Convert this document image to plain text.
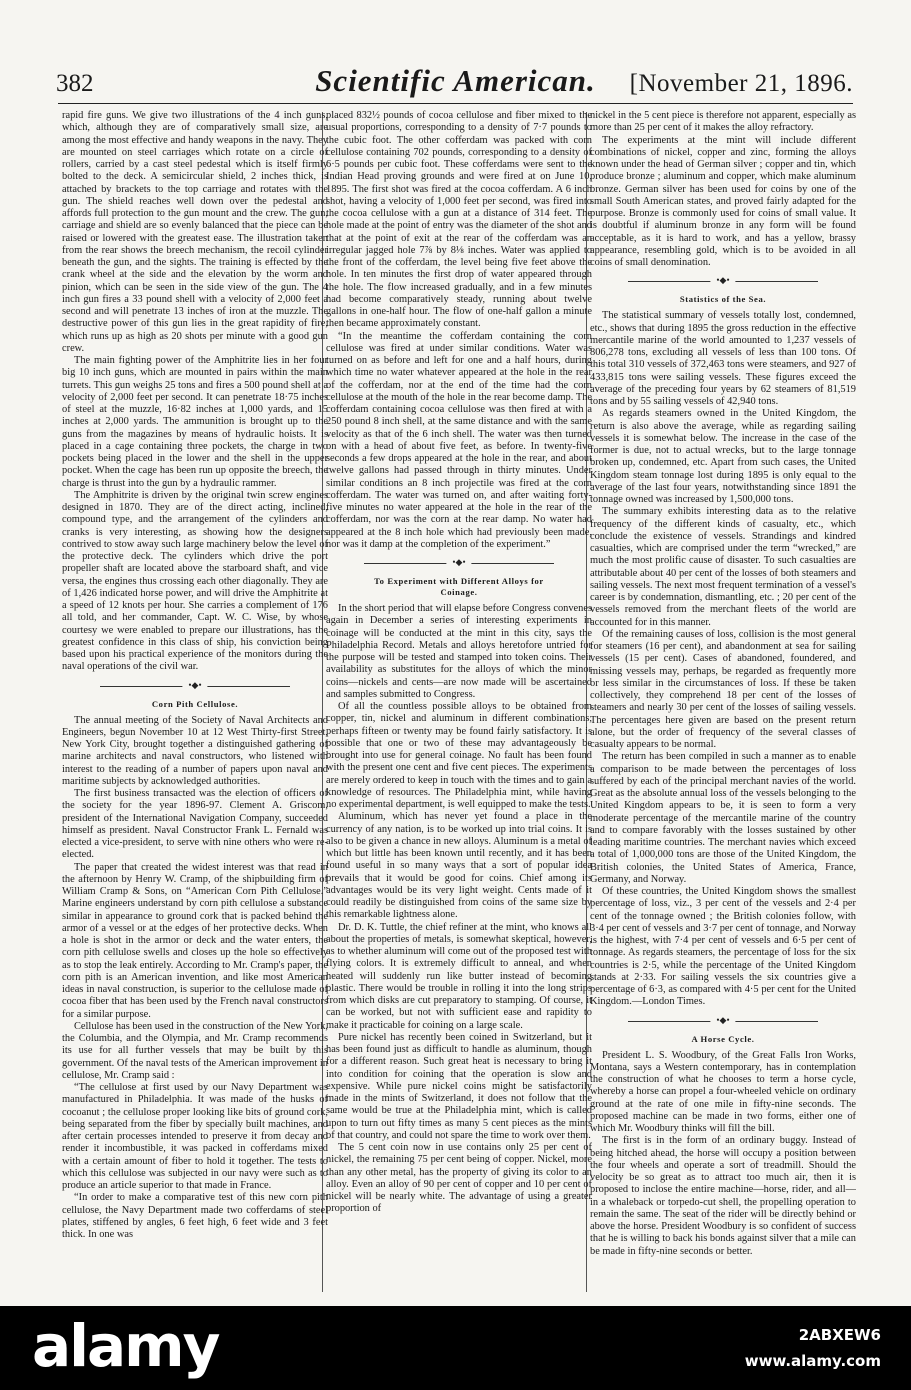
382	Scientific American.	[November 21, 1896.

rapid fire guns. We give two illustrations of the 4 inch guns, which, although they are of comparatively small size, are among the most effective and handy weapons in the navy. They are mounted on steel carriages which rotate on a circle of rollers, carried by a cast steel pedestal which is itself firmly bolted to the deck. A semicircular shield, 2 inches thick, is attached by brackets to the top carriage and rotates with the gun. The shield reaches well down over the pedestal and affords full protection to the gun mount and the crew. The gun, carriage and shield are so evenly balanced that the piece can be raised or lowered with the greatest ease. The illustration taken from the rear shows the breech mechanism, the recoil cylinder beneath the gun, and the sights. The training is effected by the crank wheel at the side and the elevation by the worm and pinion, which can be seen in the side view of the gun. The 4 inch gun fires a 33 pound shell with a velocity of 2,000 feet a second and will penetrate 13 inches of iron at the muzzle. The destructive power of this gun lies in the great rapidity of fire, which runs up as high as 20 shots per minute with a good gun crew.

The main fighting power of the Amphitrite lies in her four big 10 inch guns, which are mounted in pairs within the main turrets. This gun weighs 25 tons and fires a 500 pound shell at a velocity of 2,000 feet per second. It can penetrate 18·75 inches of steel at the muzzle, 16·82 inches at 1,000 yards, and 15 inches at 2,000 yards. The ammunition is brought up to the guns from the magazines by means of hydraulic hoists. It is placed in a cage containing three pockets, the charge in two pockets being placed in the lower and the shell in the upper pocket. When the cage has been run up opposite the breech, the charge is thrust into the gun by a hydraulic rammer.

The Amphitrite is driven by the original twin screw engines designed in 1870. They are of the direct acting, inclined, compound type, and the arrangement of the cylinders and cranks is very interesting, as showing how the designers contrived to stow away such large machinery below the level of the protective deck. The cylinders which drive the port propeller shaft are located above the starboard shaft, and vice versa, the engines thus crossing each other diagonally. They are of 1,426 indicated horse power, and will drive the Amphitrite at a speed of 12 knots per hour. She carries a complement of 176 all told, and her commander, Capt. W. C. Wise, by whose courtesy we were enabled to prepare our illustrations, has the greatest confidence in this class of ship, his conviction being based upon his practical experience of the monitors during the naval operations of the civil war.

•◆•
Corn Pith Cellulose.

The annual meeting of the Society of Naval Architects and Engineers, begun November 10 at 12 West Thirty-first Street, New York City, brought together a distinguished gathering of marine architects and naval constructors, who listened with interest to the reading of a number of papers upon naval and maritime subjects by acknowledged authorities.

The first business transacted was the election of officers of the society for the year 1896-97. Clement A. Griscom, president of the International Navigation Company, succeeded himself as president. Naval Constructor Frank L. Fernald was elected a vice-president, to serve with nine others who were re-elected.

The paper that created the widest interest was that read in the afternoon by Henry W. Cramp, of the shipbuilding firm of William Cramp & Sons, on “American Corn Pith Cellulose.” Marine engineers understand by corn pith cellulose a substance similar in appearance to ground cork that is packed behind the armor of a vessel or at the edges of her protective decks. When a hole is shot in the armor or deck and the water enters, the corn pith cellulose swells and closes up the hole so effectively as to stop the leak entirely. According to Mr. Cramp's paper, the corn pith is an American invention, and like most American ideas in naval construction, is superior to the cellulose made of cocoa fiber that has been used by the French naval constructors for a similar purpose.

Cellulose has been used in the construction of the New York, the Columbia, and the Olympia, and Mr. Cramp recommends its use for all further vessels that may be built by this government. Of the naval tests of the American improvement in cellulose, Mr. Cramp said :

“The cellulose at first used by our Navy Department was manufactured in Philadelphia. It was made of the husks of cocoanut ; the cellulose proper looking like bits of ground cork, being separated from the fiber by specially built machines, and after certain processes intended to preserve it from decay and render it incombustible, it was packed in cofferdams mixed with a certain amount of fiber to hold it together. The tests to which this cellulose was subjected in our navy were such as to produce an article superior to that made in France.

“In order to make a comparative test of this new corn pith cellulose, the Navy Department made two cofferdams of steel plates, stiffened by angles, 6 feet high, 6 feet wide and 3 feet thick. In one was

placed 832½ pounds of cocoa cellulose and fiber mixed to the usual proportions, corresponding to a density of 7·7 pounds to the cubic foot. The other cofferdam was packed with corn cellulose containing 702 pounds, corresponding to a density of 6·5 pounds per cubic foot. These cofferdams were sent to the Indian Head proving grounds and were fired at on June 10, 1895. The first shot was fired at the cocoa cofferdam. A 6 inch shot, having a velocity of 1,000 feet per second, was fired into the cocoa cellulose with a gun at a distance of 314 feet. The hole made at the point of entry was the diameter of the shot and that at the point of exit at the rear of the cofferdam was an irregular jagged hole 7⅞ by 8⅛ inches. Water was applied to the front of the cofferdam, the level being five feet above the hole. In ten minutes the first drop of water appeared through the hole. The flow increased gradually, and in a few minutes had become comparatively steady, running about twelve gallons in one-half hour. The flow of one-half gallon a minute then became approximately constant.

“In the meantime the cofferdam containing the corn cellulose was fired at under similar conditions. Water was turned on as before and left for one and a half hours, during which time no water whatever appeared at the hole in the rear of the cofferdam, nor at the end of the time had the corn cellulose at the mouth of the hole in the rear become damp. The cofferdam containing cocoa cellulose was then fired at with a 250 pound 8 inch shell, at the same distance and with the same velocity as that of the 6 inch shell. The water was then turned on with a head of about five feet, as before. In twenty-five seconds a few drops appeared at the hole in the rear, and about twelve gallons had passed through in thirty minutes. Under similar conditions an 8 inch projectile was fired at the corn cofferdam. The water was turned on, and after waiting forty-five minutes no water appeared at the hole in the rear of the cofferdam, nor was the corn at the rear damp. No water had appeared at the 8 inch hole which had previously been made, nor was it damp at the completion of the experiment.”

•◆•
To Experiment with Different Alloys for
Coinage.

In the short period that will elapse before Congress convenes again in December a series of interesting experiments in coinage will be conducted at the mint in this city, says the Philadelphia Record. Metals and alloys heretofore untried for the purpose will be tested and stamped into token coins. Their availability as substitutes for the alloys of which the minor coins—nickels and cents—are now made will be ascertained and samples submitted to Congress.

Of all the countless possible alloys to be obtained from copper, tin, nickel and aluminum in different combinations, perhaps fifteen or twenty may be found fairly satisfactory. It is possible that one or two of these may advantageously be brought into use for general coinage. No fault has been found with the present one cent and five cent pieces. The experiments are merely ordered to keep in touch with the times and to gain a knowledge of resources. The Philadelphia mint, while having no experimental department, is well equipped to make the tests.

Aluminum, which has never yet found a place in the currency of any nation, is to be worked up into trial coins. It is also to be given a chance in new alloys. Aluminum is a metal of which but little has been known until recently, and it has been found useful in so many ways that a sort of popular idea prevails that it would be good for coins. Chief among its advantages would be its very light weight. Cents made of it could readily be distinguished from coins of the same size by this remarkable lightness alone.

Dr. D. K. Tuttle, the chief refiner at the mint, who knows all about the properties of metals, is somewhat skeptical, however, as to whether aluminum will come out of the proposed test with flying colors. It is extremely difficult to anneal, and when heated will suddenly run like butter instead of becoming plastic. There would be trouble in rolling it into the long strips from which disks are cut preparatory to stamping. Of course, it can be worked, but not with sufficient ease and rapidity to make it practicable for coining on a large scale.

Pure nickel has recently been coined in Switzerland, but it has been found just as difficult to handle as aluminum, though for a different reason. Such great heat is necessary to bring it into condition for coining that the operation is slow and expensive. While pure nickel coins might be satisfactorily made in the mints of Switzerland, it does not follow that the same would be true at the Philadelphia mint, which is called upon to turn out fifty times as many 5 cent pieces as the mints of that country, and could not spare the time to work over them.

The 5 cent coin now in use contains only 25 per cent of nickel, the remaining 75 per cent being of copper. Nickel, more than any other metal, has the property of giving its color to an alloy. Even an alloy of 90 per cent of copper and 10 per cent of nickel will be nearly white. The advantage of using a greater proportion of

nickel in the 5 cent piece is therefore not apparent, especially as more than 25 per cent of it makes the alloy refractory.

The experiments at the mint will include different combinations of nickel, copper and zinc, forming the alloys known under the head of German silver ; copper and tin, which produce bronze ; aluminum and copper, which make aluminum bronze. German silver has been used for coins by one of the small South American states, and proved fairly adapted for the purpose. Bronze is commonly used for coins of small value. It is doubtful if aluminum bronze in any form will be found acceptable, as it is hard to work, and has a yellow, brassy appearance, resembling gold, which is to be avoided in all coins of small denomination.

•◆•
Statistics of the Sea.

The statistical summary of vessels totally lost, condemned, etc., shows that during 1895 the gross reduction in the effective mercantile marine of the world amounted to 1,237 vessels of 806,278 tons, excluding all vessels of less than 100 tons. Of this total 310 vessels of 372,463 tons were steamers, and 927 of 433,815 tons were sailing vessels. These figures exceed the average of the preceding four years by 62 steamers of 81,519 tons and by 55 sailing vessels of 42,940 tons.

As regards steamers owned in the United Kingdom, the return is also above the average, while as regarding sailing vessels it is somewhat below. The increase in the case of the former is due, not to actual wrecks, but to the large tonnage broken up, condemned, etc. Apart from such cases, the United Kingdom steam tonnage lost during 1895 is only equal to the average of the last four years, notwithstanding since 1891 the tonnage owned was increased by 1,500,000 tons.

The summary exhibits interesting data as to the relative frequency of the different kinds of casualty, etc., which conclude the existence of vessels. Strandings and kindred casualties, which are comprised under the term “wrecked,” are much the most prolific cause of disaster. To such casualties are attributable about 40 per cent of the losses of both steamers and sailing vessels. The next most frequent termination of a vessel's career is by condemnation, dismantling, etc. ; 20 per cent of the vessels removed from the merchant fleets of the world are accounted for in this manner.

Of the remaining causes of loss, collision is the most general for steamers (16 per cent), and abandonment at sea for sailing vessels (15 per cent). Cases of abandoned, foundered, and missing vessels may, perhaps, be regarded as frequently more or less similar in the circumstances of loss. If these be taken collectively, they comprehend 18 per cent of the losses of steamers and nearly 30 per cent of the losses of sailing vessels. The percentages here given are based on the present return alone, but the order of frequency of the several classes of casualty appears to be normal.

The return has been compiled in such a manner as to enable a comparison to be made between the percentages of loss suffered by each of the principal merchant navies of the world. Great as the absolute annual loss of the vessels belonging to the United Kingdom appears to be, it is seen to form a very moderate percentage of the mercantile marine of the country and to compare favorably with the losses sustained by other leading maritime countries. The merchant navies which exceed a total of 1,000,000 tons are those of the United Kingdom, the British colonies, the United States of America, France, Germany, and Norway.

Of these countries, the United Kingdom shows the smallest percentage of loss, viz., 3 per cent of the vessels and 2·4 per cent of the tonnage owned ; the British colonies follow, with 3·4 per cent of vessels and 3·7 per cent of tonnage, and Norway is the highest, with 7·4 per cent of vessels and 6·5 per cent of tonnage. As regards steamers, the percentage of loss for the six countries is 2·5, while the percentage of the United Kingdom stands at 2·33. For sailing vessels the six countries give a percentage of 6·3, as compared with 4·5 per cent for the United Kingdom.—London Times.

•◆•
A Horse Cycle.

President L. S. Woodbury, of the Great Falls Iron Works, Montana, says a Western contemporary, has in contemplation the construction of what he chooses to term a horse cycle, whereby a horse can propel a four-wheeled vehicle on ordinary ground at the rate of one mile in fifty-nine seconds. The proposed machine can be made in two forms, either one of which Mr. Woodbury thinks will fill the bill.

The first is in the form of an ordinary buggy. Instead of being hitched ahead, the horse will occupy a position between the four wheels and operate a sort of treadmill. Should the velocity be so great as to attract too much air, then it is proposed to inclose the entire machine—horse, rider, and all—in a whaleback or torpedo-cut shell, the propelling operation to remain the same. The seat of the rider will be directly behind or above the horse. President Woodbury is so confident of success that he is willing to back his bonds against silver that a mile can be made in fifty-nine seconds or better.

alamy	2ABXEW6
www.alamy.com
